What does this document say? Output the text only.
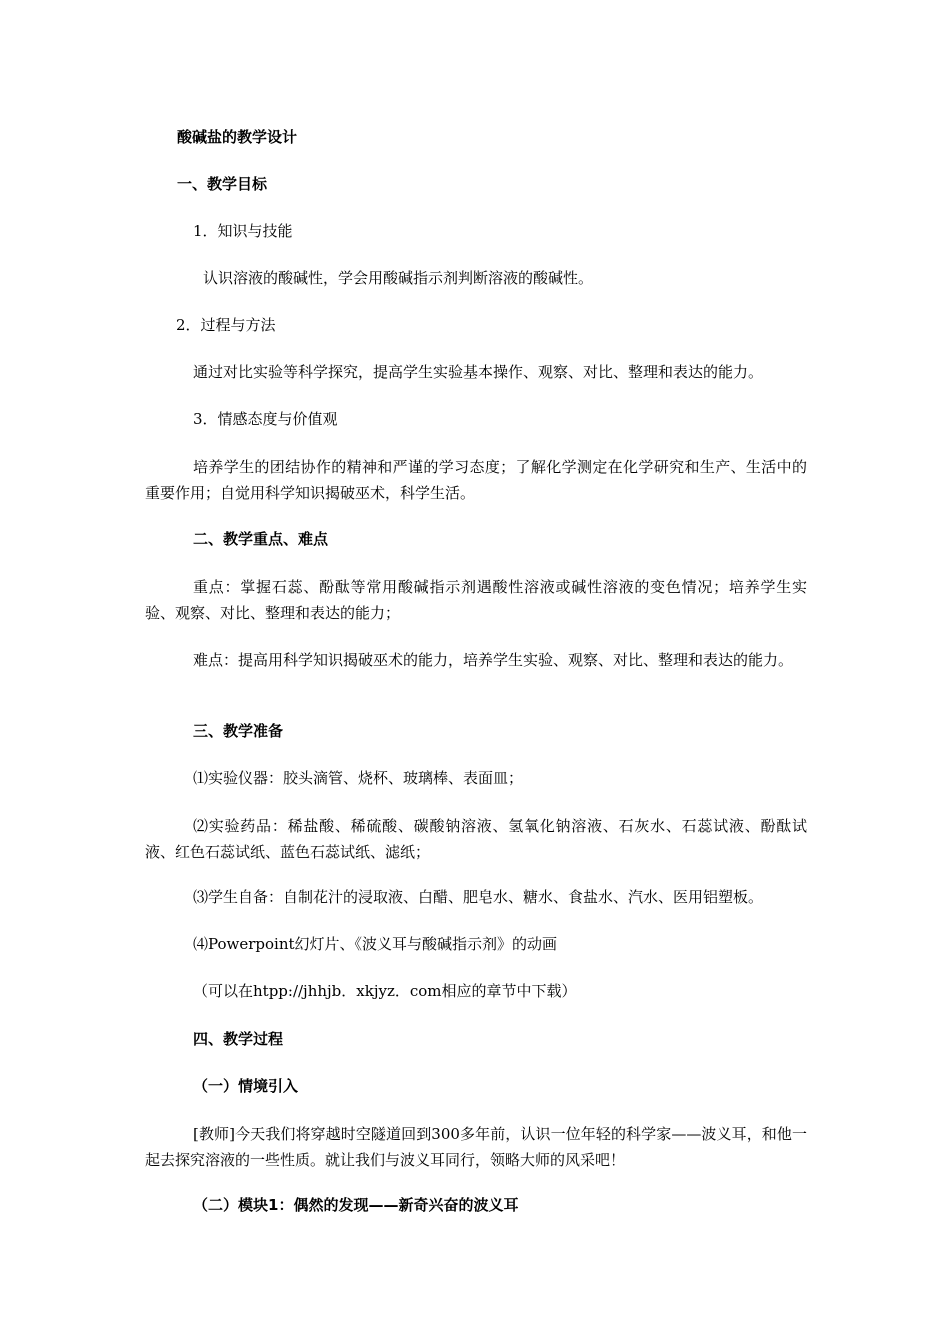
酸碱盐的教学设计
一、教学目标
1．知识与技能
认识溶液的酸碱性，学会用酸碱指示剂判断溶液的酸碱性。
2．过程与方法
通过对比实验等科学探究，提高学生实验基本操作、观察、对比、整理和表达的能力。
3．情感态度与价值观
培养学生的团结协作的精神和严谨的学习态度；了解化学测定在化学研究和生产、生活中的重要作用；自觉用科学知识揭破巫术，科学生活。
二、教学重点、难点
重点：掌握石蕊、酚酞等常用酸碱指示剂遇酸性溶液或碱性溶液的变色情况；培养学生实验、观察、对比、整理和表达的能力；
难点：提高用科学知识揭破巫术的能力，培养学生实验、观察、对比、整理和表达的能力。
三、教学准备
⑴实验仪器：胶头滴管、烧杯、玻璃棒、表面皿；
⑵实验药品：稀盐酸、稀硫酸、碳酸钠溶液、氢氧化钠溶液、石灰水、石蕊试液、酚酞试液、红色石蕊试纸、蓝色石蕊试纸、滤纸；
⑶学生自备：自制花汁的浸取液、白醋、肥皂水、糖水、食盐水、汽水、医用铝塑板。
⑷Powerpoint幻灯片、《波义耳与酸碱指示剂》的动画
（可以在htpp://jhhjb．xkjyz．com相应的章节中下载）
四、教学过程
（一）情境引入
[教师]今天我们将穿越时空隧道回到300多年前，认识一位年轻的科学家——波义耳，和他一起去探究溶液的一些性质。就让我们与波义耳同行，领略大师的风采吧！
（二）模块1：偶然的发现——新奇兴奋的波义耳
